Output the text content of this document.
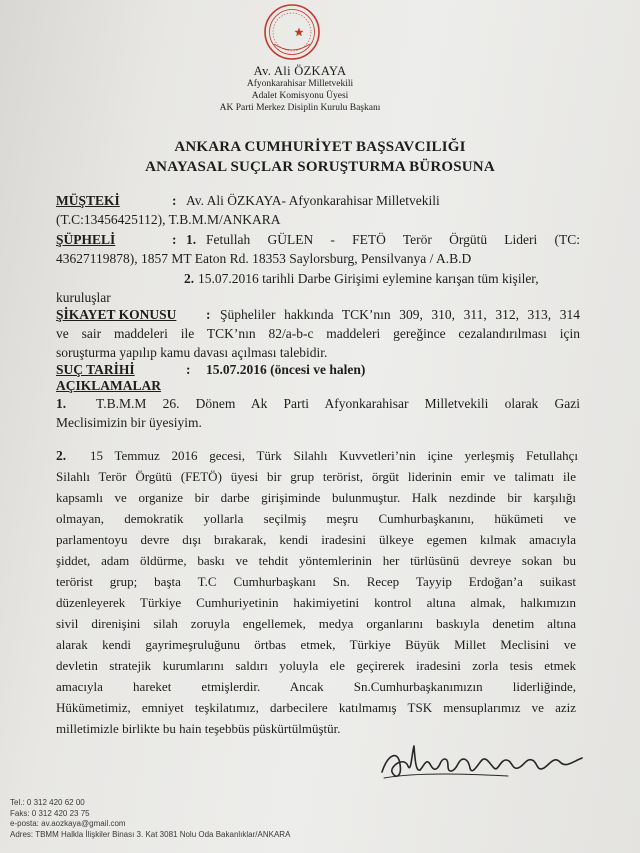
Av. Ali ÖZKAYA
Afyonkarahisar Milletvekili
Adalet Komisyonu Üyesi
AK Parti Merkez Disiplin Kurulu Başkanı
ANKARA CUMHURİYET BAŞSAVCILIĞI
ANAYASAL SUÇLAR SORUŞTURMA BÜROSUNA
MÜŞTEKİ	: Av. Ali ÖZKAYA- Afyonkarahisar Milletvekili
(T.C:13456425112), T.B.M.M/ANKARA
ŞÜPHELİ	: 1. Fetullah GÜLEN - FETÖ Terör Örgütü Lideri (TC:
43627119878), 1857 MT Eaton Rd. 18353 Saylorsburg, Pensilvanya / A.B.D
2. 15.07.2016 tarihli Darbe Girişimi eylemine karışan tüm kişiler,
kuruluşlar
ŞİKAYET KONUSU : Şüpheliler hakkında TCK’nın 309, 310, 311, 312, 313, 314
ve sair maddeleri ile TCK’nın 82/a-b-c maddeleri gereğince cezalandırılması için
soruşturma yapılıp kamu davası açılması talebidir.
SUÇ TARİHİ	: 15.07.2016 (öncesi ve halen)
AÇIKLAMALAR
1. T.B.M.M 26. Dönem Ak Parti Afyonkarahisar Milletvekili olarak Gazi
Meclisimizin bir üyesiyim.
2. 15 Temmuz 2016 gecesi, Türk Silahlı Kuvvetleri’nin içine yerleşmiş Fetullahçı
Silahlı Terör Örgütü (FETÖ) üyesi bir grup terörist, örgüt liderinin emir ve talimatı ile
kapsamlı ve organize bir darbe girişiminde bulunmuştur. Halk nezdinde bir karşılığı
olmayan, demokratik yollarla seçilmiş meşru Cumhurbaşkanını, hükümeti ve
parlamentoyu devre dışı bırakarak, kendi iradesini ülkeye egemen kılmak amacıyla
şiddet, adam öldürme, baskı ve tehdit yöntemlerinin her türlüsünü devreye sokan bu
terörist grup; başta T.C Cumhurbaşkanı Sn. Recep Tayyip Erdoğan’a suikast
düzenleyerek Türkiye Cumhuriyetinin hakimiyetini kontrol altına almak, halkımızın
sivil direnişini silah zoruyla engellemek, medya organlarını baskıyla denetim altına
alarak kendi gayrimeşruluğunu örtbas etmek, Türkiye Büyük Millet Meclisini ve
devletin stratejik kurumlarını saldırı yoluyla ele geçirerek iradesini zorla tesis etmek
amacıyla hareket etmişlerdir. Ancak Sn.Cumhurbaşkanımızın liderliğinde,
Hükümetimiz, emniyet teşkilatımız, darbecilere katılmamış TSK mensuplarımız ve aziz
milletimizle birlikte bu hain teşebbüs püskürtülmüştür.
Tel.: 0 312 420 62 00
Faks: 0 312 420 23 75
e-posta: av.aozkaya@gmail.com
Adres: TBMM Halkla İlişkiler Binası 3. Kat 3081 Nolu Oda Bakanlıklar/ANKARA
